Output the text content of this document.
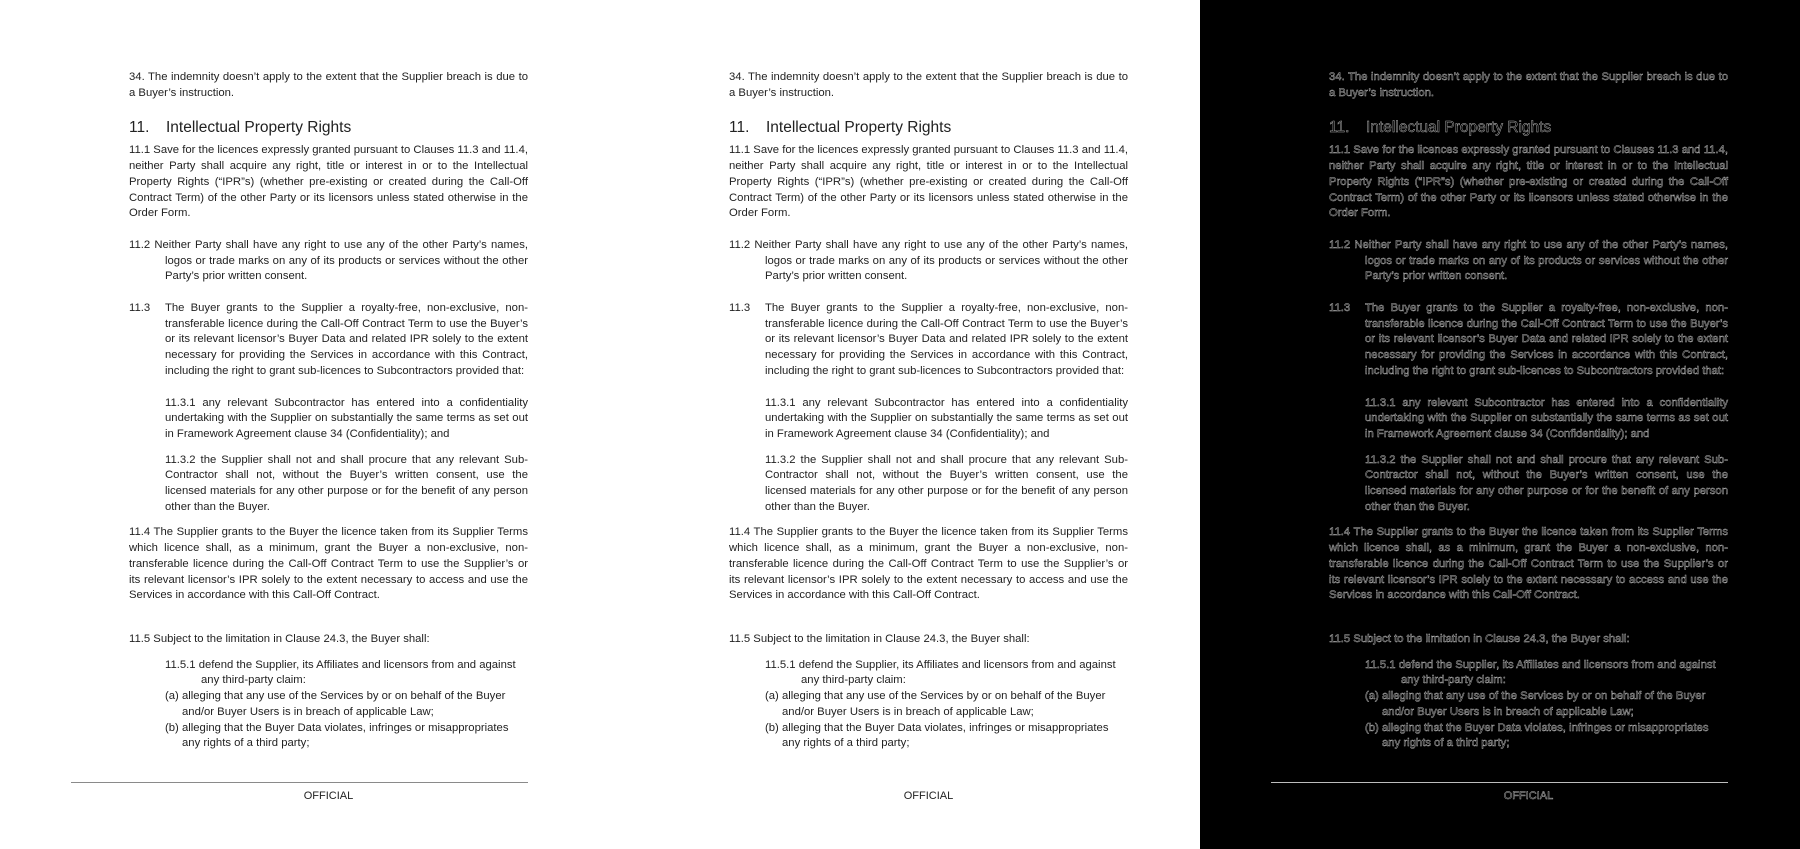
34. The indemnity doesn’t apply to the extent that the Supplier breach is due to a Buyer’s instruction.

11. Intellectual Property Rights

11.1 Save for the licences expressly granted pursuant to Clauses 11.3 and 11.4, neither Party shall acquire any right, title or interest in or to the Intellectual Property Rights (“IPR”s) (whether pre-existing or created during the Call-Off Contract Term) of the other Party or its licensors unless stated otherwise in the Order Form.

11.2 Neither Party shall have any right to use any of the other Party’s names, logos or trade marks on any of its products or services without the other Party’s prior written consent.

11.3	The Buyer grants to the Supplier a royalty-free, non-exclusive, non-transferable licence during the Call-Off Contract Term to use the Buyer’s or its relevant licensor’s Buyer Data and related IPR solely to the extent necessary for providing the Services in accordance with this Contract, including the right to grant sub-licences to Subcontractors provided that:

11.3.1 any relevant Subcontractor has entered into a confidentiality undertaking with the Supplier on substantially the same terms as set out in Framework Agreement clause 34 (Confidentiality); and

11.3.2 the Supplier shall not and shall procure that any relevant Sub-Contractor shall not, without the Buyer’s written consent, use the licensed materials for any other purpose or for the benefit of any person other than the Buyer.

11.4 The Supplier grants to the Buyer the licence taken from its Supplier Terms which licence shall, as a minimum, grant the Buyer a non-exclusive, non-transferable licence during the Call-Off Contract Term to use the Supplier’s or its relevant licensor’s IPR solely to the extent necessary to access and use the Services in accordance with this Call-Off Contract.

11.5 Subject to the limitation in Clause 24.3, the Buyer shall:

11.5.1 defend the Supplier, its Affiliates and licensors from and against any third-party claim:

(a) alleging that any use of the Services by or on behalf of the Buyer and/or Buyer Users is in breach of applicable Law;

(b) alleging that the Buyer Data violates, infringes or misappropriates any rights of a third party;

OFFICIAL

34. The indemnity doesn’t apply to the extent that the Supplier breach is due to a Buyer’s instruction.

11. Intellectual Property Rights

11.1 Save for the licences expressly granted pursuant to Clauses 11.3 and 11.4, neither Party shall acquire any right, title or interest in or to the Intellectual Property Rights (“IPR”s) (whether pre-existing or created during the Call-Off Contract Term) of the other Party or its licensors unless stated otherwise in the Order Form.

11.2 Neither Party shall have any right to use any of the other Party’s names, logos or trade marks on any of its products or services without the other Party’s prior written consent.

11.3	The Buyer grants to the Supplier a royalty-free, non-exclusive, non-transferable licence during the Call-Off Contract Term to use the Buyer’s or its relevant licensor’s Buyer Data and related IPR solely to the extent necessary for providing the Services in accordance with this Contract, including the right to grant sub-licences to Subcontractors provided that:

11.3.1 any relevant Subcontractor has entered into a confidentiality undertaking with the Supplier on substantially the same terms as set out in Framework Agreement clause 34 (Confidentiality); and

11.3.2 the Supplier shall not and shall procure that any relevant Sub-Contractor shall not, without the Buyer’s written consent, use the licensed materials for any other purpose or for the benefit of any person other than the Buyer.

11.4 The Supplier grants to the Buyer the licence taken from its Supplier Terms which licence shall, as a minimum, grant the Buyer a non-exclusive, non-transferable licence during the Call-Off Contract Term to use the Supplier’s or its relevant licensor’s IPR solely to the extent necessary to access and use the Services in accordance with this Call-Off Contract.

11.5 Subject to the limitation in Clause 24.3, the Buyer shall:

11.5.1 defend the Supplier, its Affiliates and licensors from and against any third-party claim:

(a) alleging that any use of the Services by or on behalf of the Buyer and/or Buyer Users is in breach of applicable Law;

(b) alleging that the Buyer Data violates, infringes or misappropriates any rights of a third party;

OFFICIAL

34. The indemnity doesn’t apply to the extent that the Supplier breach is due to a Buyer’s instruction.

11. Intellectual Property Rights

11.1 Save for the licences expressly granted pursuant to Clauses 11.3 and 11.4, neither Party shall acquire any right, title or interest in or to the Intellectual Property Rights (“IPR”s) (whether pre-existing or created during the Call-Off Contract Term) of the other Party or its licensors unless stated otherwise in the Order Form.

11.2 Neither Party shall have any right to use any of the other Party’s names, logos or trade marks on any of its products or services without the other Party’s prior written consent.

11.3	The Buyer grants to the Supplier a royalty-free, non-exclusive, non-transferable licence during the Call-Off Contract Term to use the Buyer’s or its relevant licensor’s Buyer Data and related IPR solely to the extent necessary for providing the Services in accordance with this Contract, including the right to grant sub-licences to Subcontractors provided that:

11.3.1 any relevant Subcontractor has entered into a confidentiality undertaking with the Supplier on substantially the same terms as set out in Framework Agreement clause 34 (Confidentiality); and

11.3.2 the Supplier shall not and shall procure that any relevant Sub-Contractor shall not, without the Buyer’s written consent, use the licensed materials for any other purpose or for the benefit of any person other than the Buyer.

11.4 The Supplier grants to the Buyer the licence taken from its Supplier Terms which licence shall, as a minimum, grant the Buyer a non-exclusive, non-transferable licence during the Call-Off Contract Term to use the Supplier’s or its relevant licensor’s IPR solely to the extent necessary to access and use the Services in accordance with this Call-Off Contract.

11.5 Subject to the limitation in Clause 24.3, the Buyer shall:

11.5.1 defend the Supplier, its Affiliates and licensors from and against any third-party claim:

(a) alleging that any use of the Services by or on behalf of the Buyer and/or Buyer Users is in breach of applicable Law;

(b) alleging that the Buyer Data violates, infringes or misappropriates any rights of a third party;

OFFICIAL
